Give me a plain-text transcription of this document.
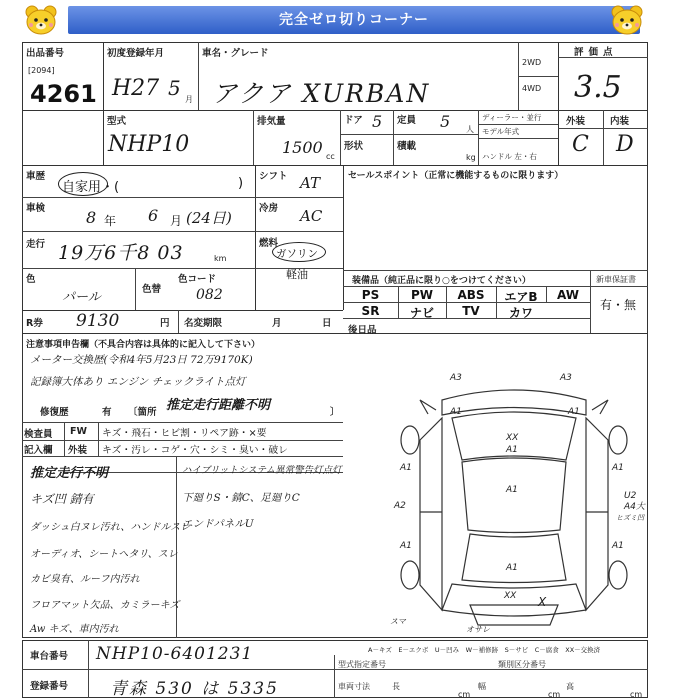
完全ゼロ切りコーナー
出品番号
[2094]
4261
初度登録年月
H27 5 月
車名・グレード
アクア XURBAN
2WD
4WD
評価点
3.5
型式
NHP10
排気量
1500 cc
ドア 5 定員 5 人
形状	積載
kg
ディーラー・並行
モデル年式
ハンドル 左・右
外装	内装
C D
車歴
自家用・(	)
車検	8 年 6 月 (24日)
走行 19万6千8 03	km
色
パール
色替
色コード
082
R券 9130	円 名変期限	月	日
シフト AT
冷房 AC
燃料
ガソリン
軽油
セールスポイント（正常に機能するものに限ります）
装備品（純正品に限り○をつけてください）
PS	PW	ABS	エアB	AW
SR	ナビ	TV	カワ
新車保証書
有・無
後日品
注意事項申告欄（不具合内容は具体的に記入して下さい）
メーター交換歴(令和4年5月23日 72万9170K)
記録簿大体あり エンジン チェックライト点灯
修復歴	有 〔箇所 推定走行距離不明	〕
検査員
記入欄
FW キズ・飛石・ヒビ割・リペア跡・×要
外装 キズ・汚レ・コゲ・穴・シミ・臭い・破レ
推定走行不明
キズ凹 錆有
ダッシュ白ヌレ汚れ、ハンドルスレ
オーディオ、シートヘタリ、スレ
カビ臭有、ルーフ内汚れ
フロアマット欠品、カミラーキズ
Aw キズ、車内汚れ
ハイブリットシステム異常警告灯点灯
下廻りS・錆C、足廻りC
エンドパネルU
A3	A3
A1	A1
XX
A1
A1
A1	A1
A2
U2
A4大
ヒズミ凹
A1	A1
A1
XX X
スマ
オサレ
A－キズ　E－エクボ　U－凹み　W－補修跡　S－サビ　C－腐食　XX－交換済
車台番号 NHP10-6401231
登録番号 青森 530 は 5335
型式指定番号	類別区分番号
車両寸法	長
cm
幅
cm
高
cm
